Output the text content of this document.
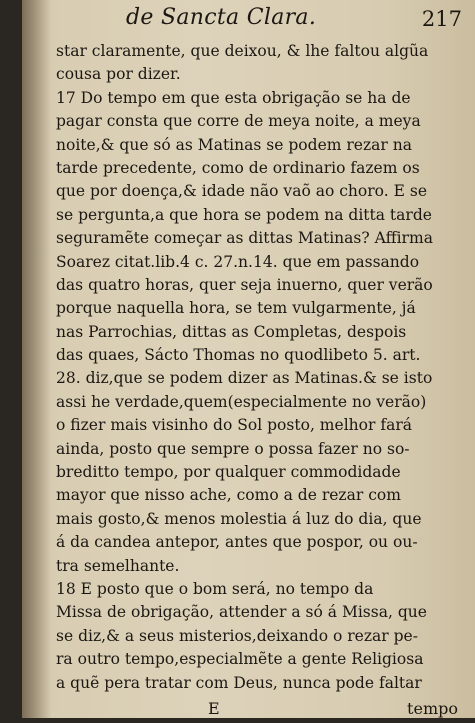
de Sancta Clara.	217
star claramente, que deixou, & lhe faltou algũa
cousa por dizer.
17 Do tempo em que esta obrigação se ha de
pagar consta que corre de meya noite, a meya
noite,& que só as Matinas se podem rezar na
tarde precedente, como de ordinario fazem os
que por doença,& idade não vaõ ao choro. E se
se pergunta,a que hora se podem na ditta tarde
seguramẽte começar as dittas Matinas? Affirma
Soarez citat.lib.4 c. 27.n.14. que em passando
das quatro horas, quer seja inuerno, quer verão
porque naquella hora, se tem vulgarmente, já
nas Parrochias, dittas as Completas, despois
das quaes, Sácto Thomas no quodlibeto 5. art.
28. diz,que se podem dizer as Matinas.& se isto
assi he verdade,quem(especialmente no verão)
o fizer mais visinho do Sol posto, melhor fará
ainda, posto que sempre o possa fazer no so-
breditto tempo, por qualquer commodidade
mayor que nisso ache, como a de rezar com
mais gosto,& menos molestia á luz do dia, que
á da candea antepor, antes que pospor, ou ou-
tra semelhante.
18 E posto que o bom será, no tempo da
Missa de obrigação, attender a só á Missa, que
se diz,& a seus misterios,deixando o rezar pe-
ra outro tempo,especialmẽte a gente Religiosa
a quẽ pera tratar com Deus, nunca pode faltar
E	tempo
